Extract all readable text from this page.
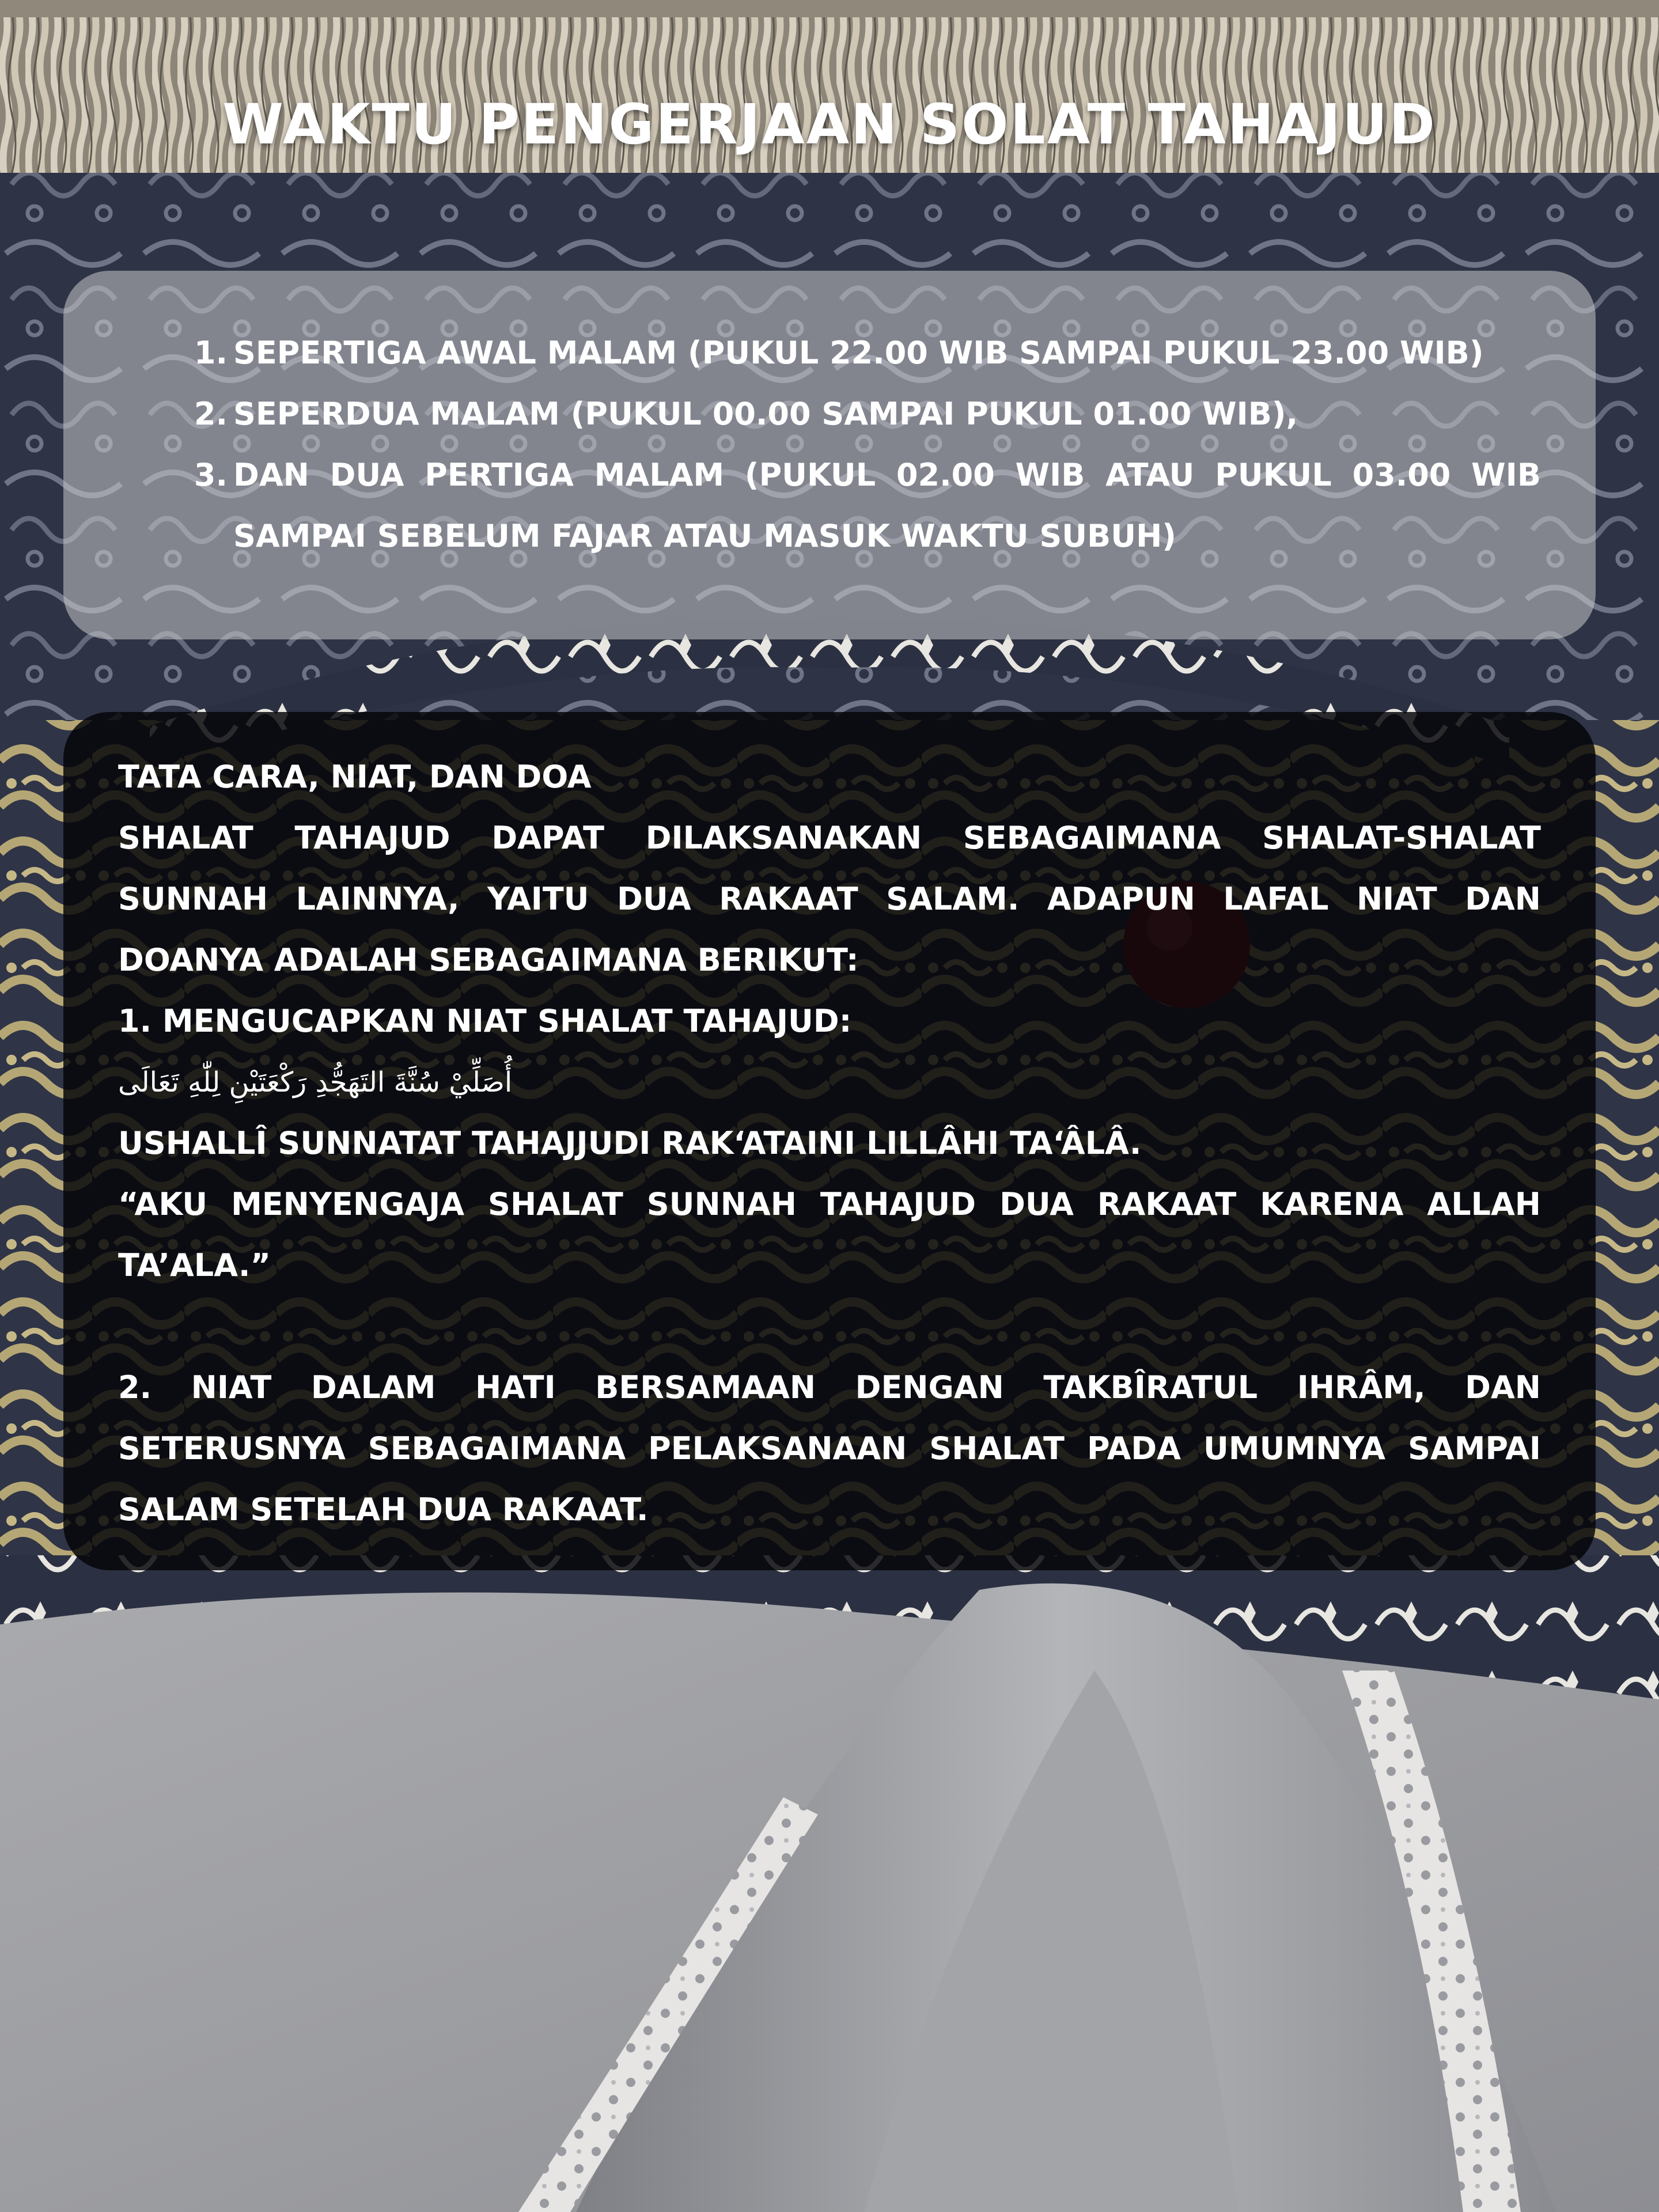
WAKTU PENGERJAAN SOLAT TAHAJUD
1. SEPERTIGA AWAL MALAM (PUKUL 22.00 WIB SAMPAI PUKUL 23.00 WIB)
2. SEPERDUA MALAM (PUKUL 00.00 SAMPAI PUKUL 01.00 WIB),
3. DAN DUA PERTIGA MALAM (PUKUL 02.00 WIB ATAU PUKUL 03.00 WIB SAMPAI SEBELUM FAJAR ATAU MASUK WAKTU SUBUH)

TATA CARA, NIAT, DAN DOA

SHALAT TAHAJUD DAPAT DILAKSANAKAN SEBAGAIMANA SHALAT-SHALAT SUNNAH LAINNYA, YAITU DUA RAKAAT SALAM. ADAPUN LAFAL NIAT DAN DOANYA ADALAH SEBAGAIMANA BERIKUT:

1. MENGUCAPKAN NIAT SHALAT TAHAJUD:

أُصَلِّيْ سُنَّةَ التَهَجُّدِ رَكْعَتَيْنِ لِلّٰهِ تَعَالَى

USHALLÎ SUNNATAT TAHAJJUDI RAK‘ATAINI LILLÂHI TA‘ÂLÂ.

“AKU MENYENGAJA SHALAT SUNNAH TAHAJUD DUA RAKAAT KARENA ALLAH TA’ALA.”

2. NIAT DALAM HATI BERSAMAAN DENGAN TAKBÎRATUL IHRÂM, DAN SETERUSNYA SEBAGAIMANA PELAKSANAAN SHALAT PADA UMUMNYA SAMPAI SALAM SETELAH DUA RAKAAT.
